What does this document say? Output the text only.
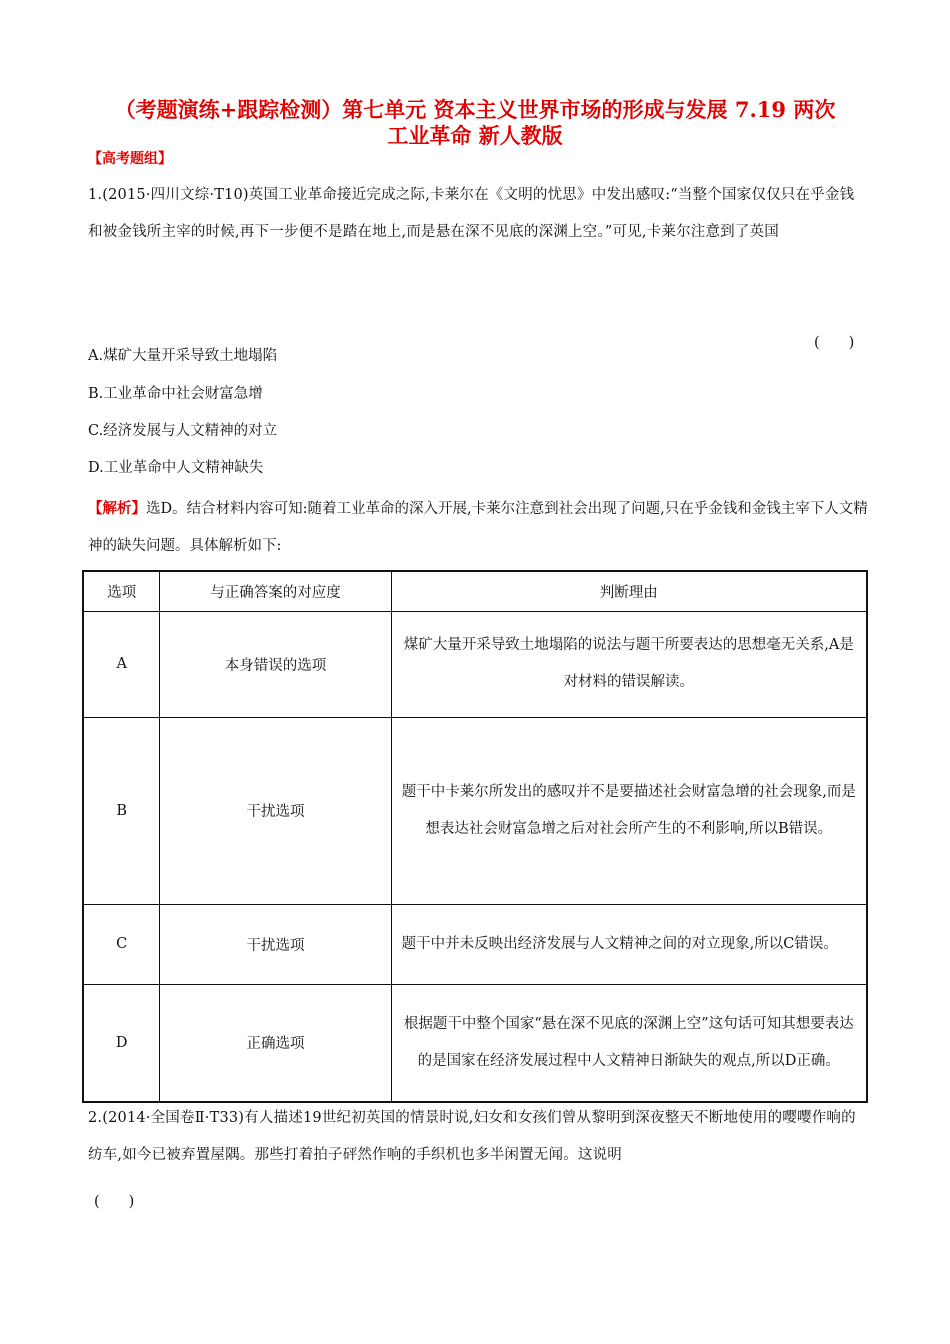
（考题演练+跟踪检测）第七单元 资本主义世界市场的形成与发展 7.19 两次
工业革命 新人教版
【高考题组】
1.(2015·四川文综·T10)英国工业革命接近完成之际,卡莱尔在《文明的忧思》中发出感叹:“当整个国家仅仅只在乎金钱和被金钱所主宰的时候,再下一步便不是踏在地上,而是悬在深不见底的深渊上空。”可见,卡莱尔注意到了英国
(　　)
A.煤矿大量开采导致土地塌陷
B.工业革命中社会财富急增
C.经济发展与人文精神的对立
D.工业革命中人文精神缺失
【解析】选D。结合材料内容可知:随着工业革命的深入开展,卡莱尔注意到社会出现了问题,只在乎金钱和金钱主宰下人文精神的缺失问题。具体解析如下:
选项	与正确答案的对应度	判断理由
A	本身错误的选项	煤矿大量开采导致土地塌陷的说法与题干所要表达的思想毫无关系,A是对材料的错误解读。

B	干扰选项	题干中卡莱尔所发出的感叹并不是要描述社会财富急增的社会现象,而是想表达社会财富急增之后对社会所产生的不利影响,所以B错误。

C	干扰选项	题干中并未反映出经济发展与人文精神之间的对立现象,所以C错误。

D	正确选项	根据题干中整个国家“悬在深不见底的深渊上空”这句话可知其想要表达的是国家在经济发展过程中人文精神日渐缺失的观点,所以D正确。
2.(2014·全国卷Ⅱ·T33)有人描述19世纪初英国的情景时说,妇女和女孩们曾从黎明到深夜整天不断地使用的嘤嘤作响的纺车,如今已被弃置屋隅。那些打着拍子砰然作响的手织机也多半闲置无闻。这说明
(　　)
